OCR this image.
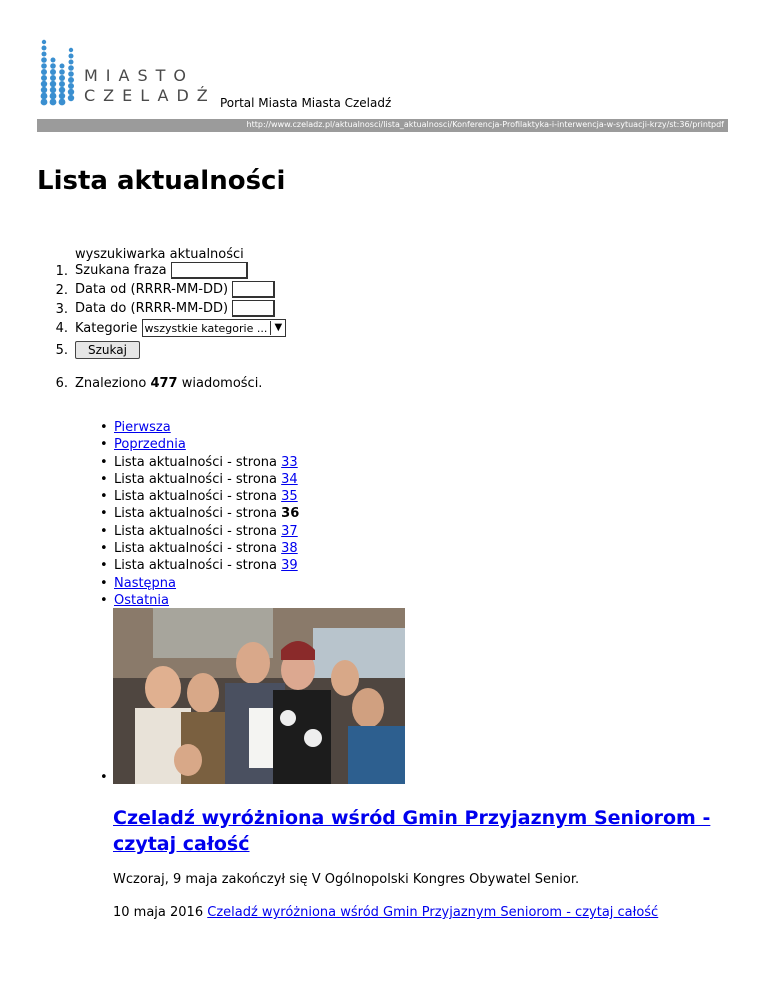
MIASTO
CZELADŹ Portal Miasta Miasta Czeladź
http://www.czeladz.pl/aktualnosci/lista_aktualnosci/Konferencja-Profilaktyka-i-interwencja-w-sytuacji-krzy/st:36/printpdf
Lista aktualności
wyszukiwarka aktualności
1. Szukana fraza
2. Data od (RRRR-MM-DD)
3. Data do (RRRR-MM-DD)
4. Kategorie wszystkie kategorie ... ▼
5.	Szukaj
6. Znaleziono 477 wiadomości.
• Pierwsza
• Poprzednia
• Lista aktualności - strona 33
• Lista aktualności - strona 34
• Lista aktualności - strona 35
• Lista aktualności - strona 36
• Lista aktualności - strona 37
• Lista aktualności - strona 38
• Lista aktualności - strona 39
• Następna
• Ostatnia
•
Czeladź wyróżniona wśród Gmin Przyjaznym Seniorom - czytaj całość
Wczoraj, 9 maja zakończył się V Ogólnopolski Kongres Obywatel Senior.
10 maja 2016 Czeladź wyróżniona wśród Gmin Przyjaznym Seniorom - czytaj całość
